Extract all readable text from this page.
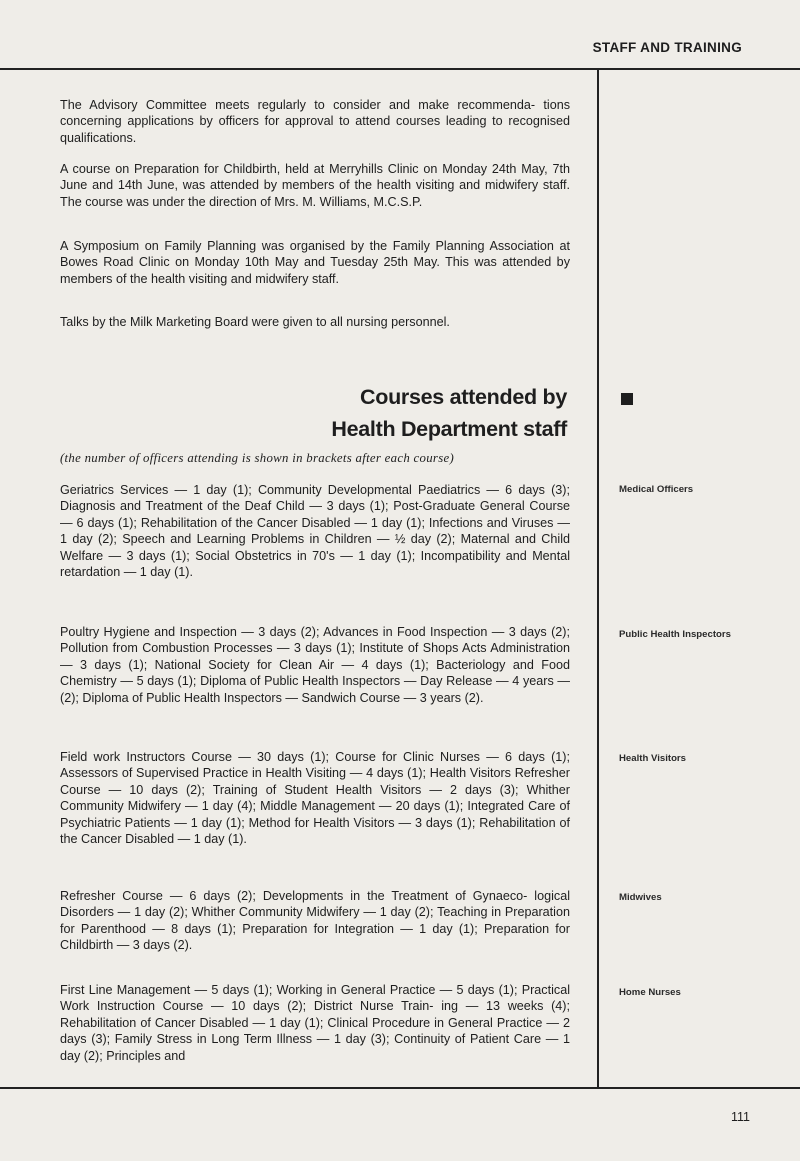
STAFF AND TRAINING

The Advisory Committee meets regularly to consider and make recommenda- tions concerning applications by officers for approval to attend courses leading to recognised qualifications.

A course on Preparation for Childbirth, held at Merryhills Clinic on Monday 24th May, 7th June and 14th June, was attended by members of the health visiting and midwifery staff. The course was under the direction of Mrs. M. Williams, M.C.S.P.

A Symposium on Family Planning was organised by the Family Planning Association at Bowes Road Clinic on Monday 10th May and Tuesday 25th May. This was attended by members of the health visiting and midwifery staff.

Talks by the Milk Marketing Board were given to all nursing personnel.

Courses attended by
Health Department staff
(the number of officers attending is shown in brackets after each course)

Geriatrics Services — 1 day (1); Community Developmental Paediatrics — 6 days (3); Diagnosis and Treatment of the Deaf Child — 3 days (1); Post-Graduate General Course — 6 days (1); Rehabilitation of the Cancer Disabled — 1 day (1); Infections and Viruses — 1 day (2); Speech and Learning Problems in Children — ½ day (2); Maternal and Child Welfare — 3 days (1); Social Obstetrics in 70's — 1 day (1); Incompatibility and Mental retardation — 1 day (1).

Medical Officers

Poultry Hygiene and Inspection — 3 days (2); Advances in Food Inspection — 3 days (2); Pollution from Combustion Processes — 3 days (1); Institute of Shops Acts Administration — 3 days (1); National Society for Clean Air — 4 days (1); Bacteriology and Food Chemistry — 5 days (1); Diploma of Public Health Inspectors — Day Release — 4 years — (2); Diploma of Public Health Inspectors — Sandwich Course — 3 years (2).

Public Health Inspectors

Field work Instructors Course — 30 days (1); Course for Clinic Nurses — 6 days (1); Assessors of Supervised Practice in Health Visiting — 4 days (1); Health Visitors Refresher Course — 10 days (2); Training of Student Health Visitors — 2 days (3); Whither Community Midwifery — 1 day (4); Middle Management — 20 days (1); Integrated Care of Psychiatric Patients — 1 day (1); Method for Health Visitors — 3 days (1); Rehabilitation of the Cancer Disabled — 1 day (1).

Health Visitors

Refresher Course — 6 days (2); Developments in the Treatment of Gynaeco- logical Disorders — 1 day (2); Whither Community Midwifery — 1 day (2); Teaching in Preparation for Parenthood — 8 days (1); Preparation for Integration — 1 day (1); Preparation for Childbirth — 3 days (2).

Midwives

First Line Management — 5 days (1); Working in General Practice — 5 days (1); Practical Work Instruction Course — 10 days (2); District Nurse Train- ing — 13 weeks (4); Rehabilitation of Cancer Disabled — 1 day (1); Clinical Procedure in General Practice — 2 days (3); Family Stress in Long Term Illness — 1 day (3); Continuity of Patient Care — 1 day (2); Principles and

Home Nurses
111
